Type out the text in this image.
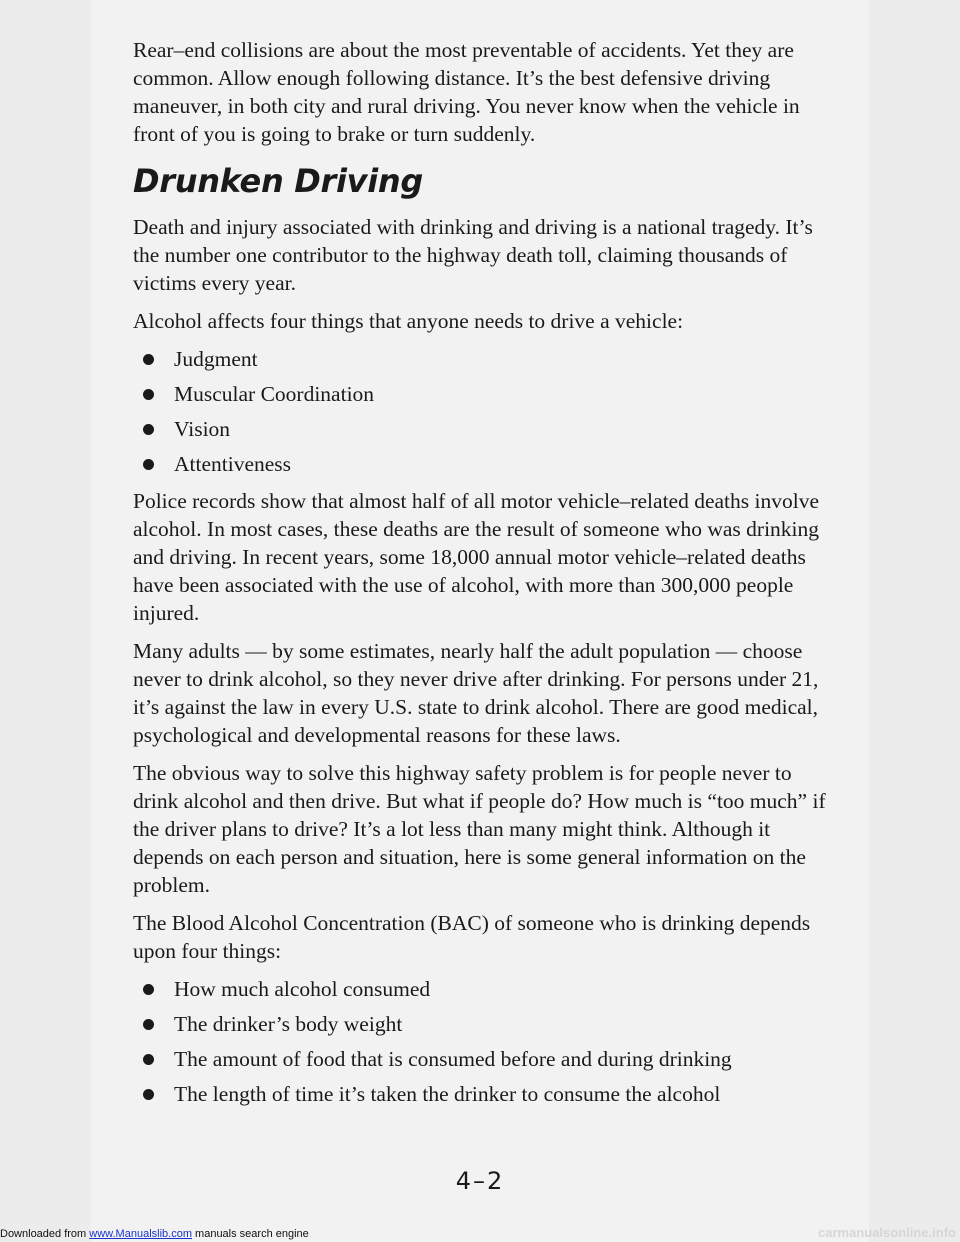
Rear–end collisions are about the most preventable of accidents. Yet they are common. Allow enough following distance. It’s the best defensive driving maneuver, in both city and rural driving. You never know when the vehicle in front of you is going to brake or turn suddenly.

Drunken Driving

Death and injury associated with drinking and driving is a national tragedy. It’s the number one contributor to the highway death toll, claiming thousands of victims every year.

Alcohol affects four things that anyone needs to drive a vehicle:

Judgment
Muscular Coordination
Vision
Attentiveness

Police records show that almost half of all motor vehicle–related deaths involve alcohol. In most cases, these deaths are the result of someone who was drinking and driving. In recent years, some 18,000 annual motor vehicle–related deaths have been associated with the use of alcohol, with more than 300,000 people injured.

Many adults — by some estimates, nearly half the adult population — choose never to drink alcohol, so they never drive after drinking. For persons under 21, it’s against the law in every U.S. state to drink alcohol. There are good medical, psychological and developmental reasons for these laws.

The obvious way to solve this highway safety problem is for people never to drink alcohol and then drive. But what if people do? How much is “too much” if the driver plans to drive? It’s a lot less than many might think. Although it depends on each person and situation, here is some general information on the problem.

The Blood Alcohol Concentration (BAC) of someone who is drinking depends upon four things:

How much alcohol consumed
The drinker’s body weight
The amount of food that is consumed before and during drinking
The length of time it’s taken the drinker to consume the alcohol
4–2
Downloaded from www.Manualslib.com manuals search engine	carmanualsonline.info
